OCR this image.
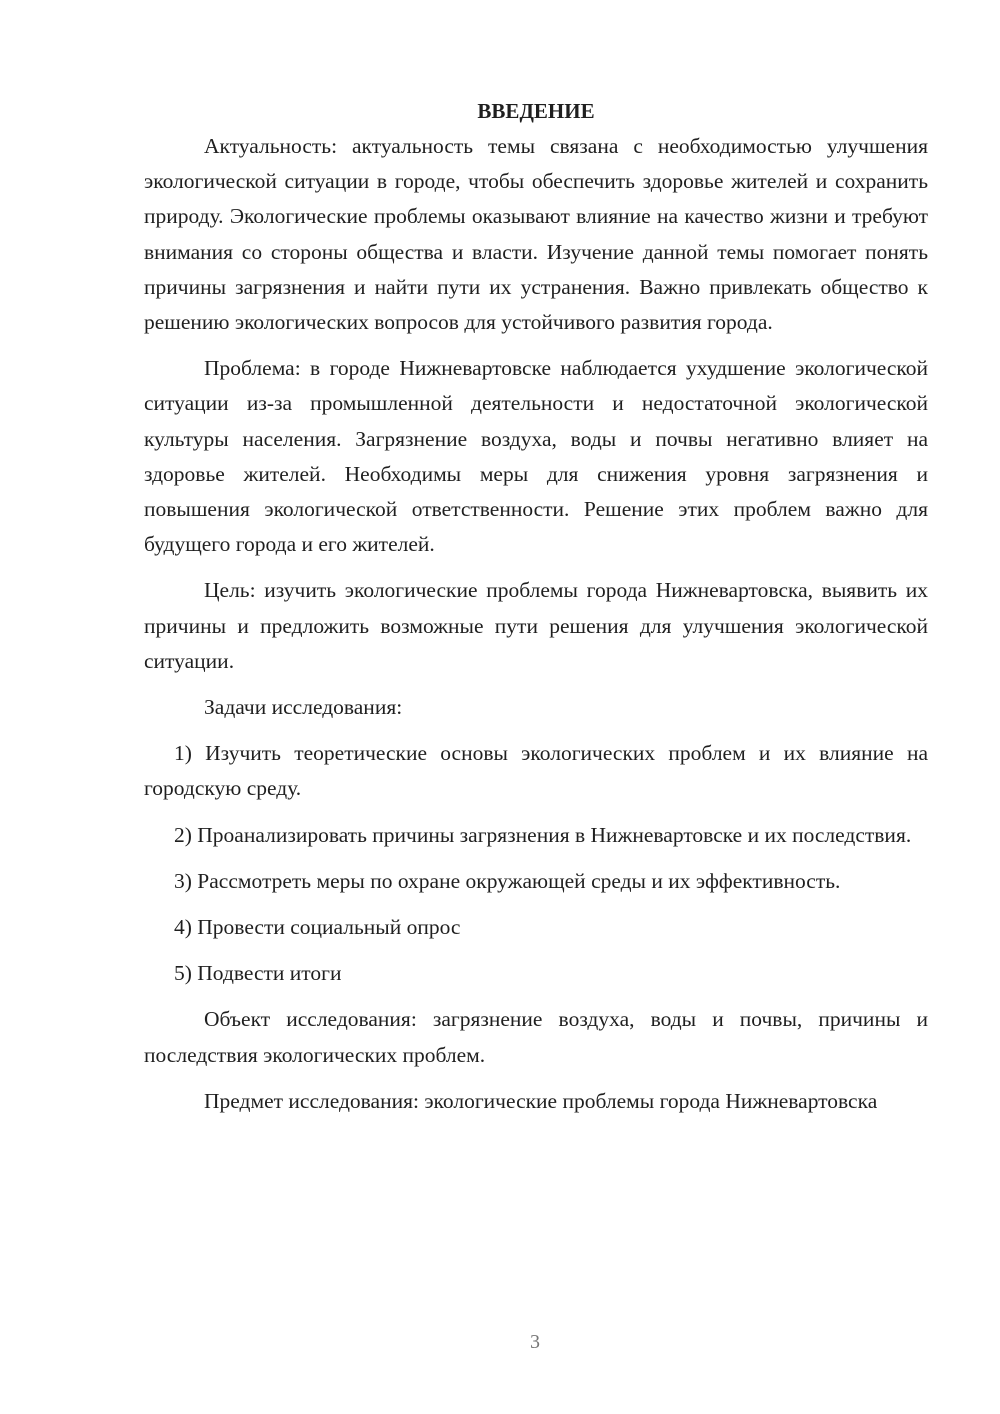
ВВЕДЕНИЕ

Актуальность: актуальность темы связана с необходимостью улучшения экологической ситуации в городе, чтобы обеспечить здоровье жителей и сохранить природу. Экологические проблемы оказывают влияние на качество жизни и требуют внимания со стороны общества и власти. Изучение данной темы помогает понять причины загрязнения и найти пути их устранения. Важно привлекать общество к решению экологических вопросов для устойчивого развития города.

Проблема: в городе Нижневартовске наблюдается ухудшение экологической ситуации из-за промышленной деятельности и недостаточной экологической культуры населения. Загрязнение воздуха, воды и почвы негативно влияет на здоровье жителей. Необходимы меры для снижения уровня загрязнения и повышения экологической ответственности. Решение этих проблем важно для будущего города и его жителей.

Цель: изучить экологические проблемы города Нижневартовска, выявить их причины и предложить возможные пути решения для улучшения экологической ситуации.

Задачи исследования:

1) Изучить теоретические основы экологических проблем и их влияние на городскую среду.

2) Проанализировать причины загрязнения в Нижневартовске и их последствия.

3) Рассмотреть меры по охране окружающей среды и их эффективность.

4) Провести социальный опрос

5) Подвести итоги

Объект исследования: загрязнение воздуха, воды и почвы, причины и последствия экологических проблем.

Предмет исследования: экологические проблемы города Нижневартовска

3
